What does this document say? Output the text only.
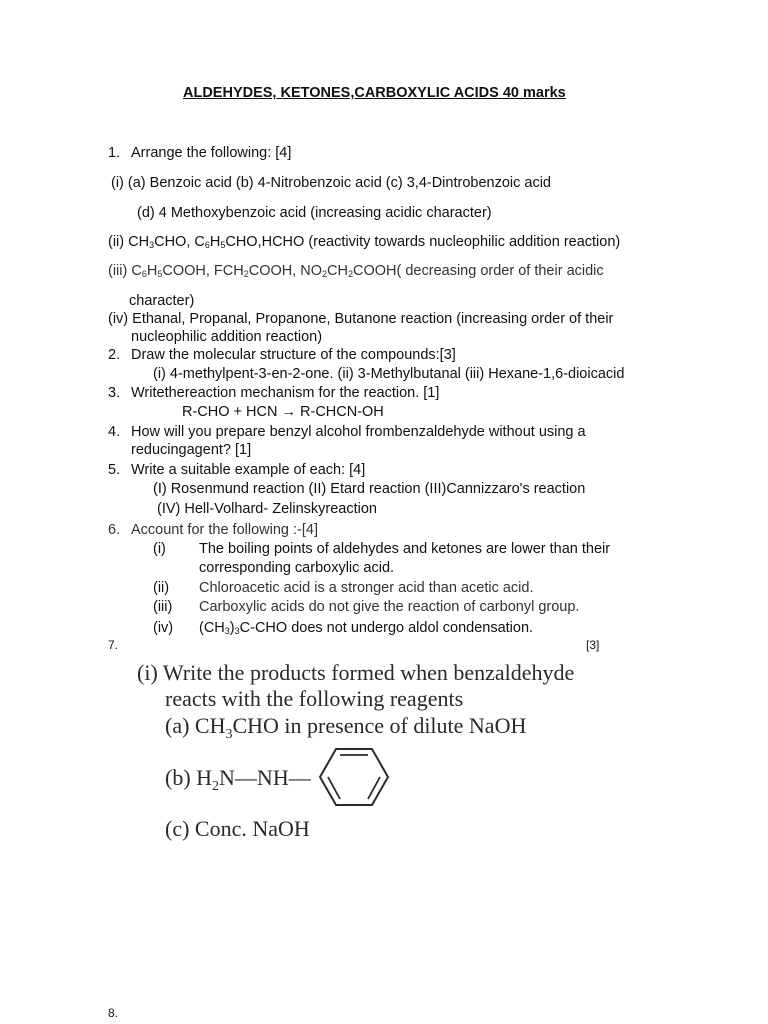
ALDEHYDES, KETONES,CARBOXYLIC ACIDS 40 marks
1. Arrange the following: [4]
(i) (a) Benzoic acid (b) 4-Nitrobenzoic acid (c) 3,4-Dintrobenzoic acid
(d) 4 Methoxybenzoic acid (increasing acidic character)
(ii) $CH_3CHO$, $C_6H_5CHO,HCHO$ (reactivity towards nucleophilic addition reaction)
(iii) $C_6H_5COOH$, $FCH_2COOH$, $NO_2CH_2COOH$( decreasing order of their acidic
character)
(iv) Ethanal, Propanal, Propanone, Butanone reaction (increasing order of their
nucleophilic addition reaction)
2. Draw the molecular structure of the compounds:[3]
(i) 4-methylpent-3-en-2-one. (ii) 3-Methylbutanal (iii) Hexane-1,6-dioicacid
3. Writethereaction mechanism for the reaction. [1]
R-CHO + HCN → R-CHCN-OH
4. How will you prepare benzyl alcohol frombenzaldehyde without using a
reducingagent? [1]
5. Write a suitable example of each: [4]
(I) Rosenmund reaction (II) Etard reaction (III)Cannizzaro's reaction
(IV) Hell-Volhard- Zelinskyreaction
6. Account for the following :-[4]
(i) The boiling points of aldehydes and ketones are lower than their
corresponding carboxylic acid.
(ii) Chloroacetic acid is a stronger acid than acetic acid.
(iii) Carboxylic acids do not give the reaction of carbonyl group.
(iv) $(CH_3)_3C$-CHO does not undergo aldol condensation.
7.	[3]
(i) Write the products formed when benzaldehyde
reacts with the following reagents
(a) $CH_3CHO$ in presence of dilute NaOH
(b) $H_2N—NH—$
(c) Conc. NaOH
8.
